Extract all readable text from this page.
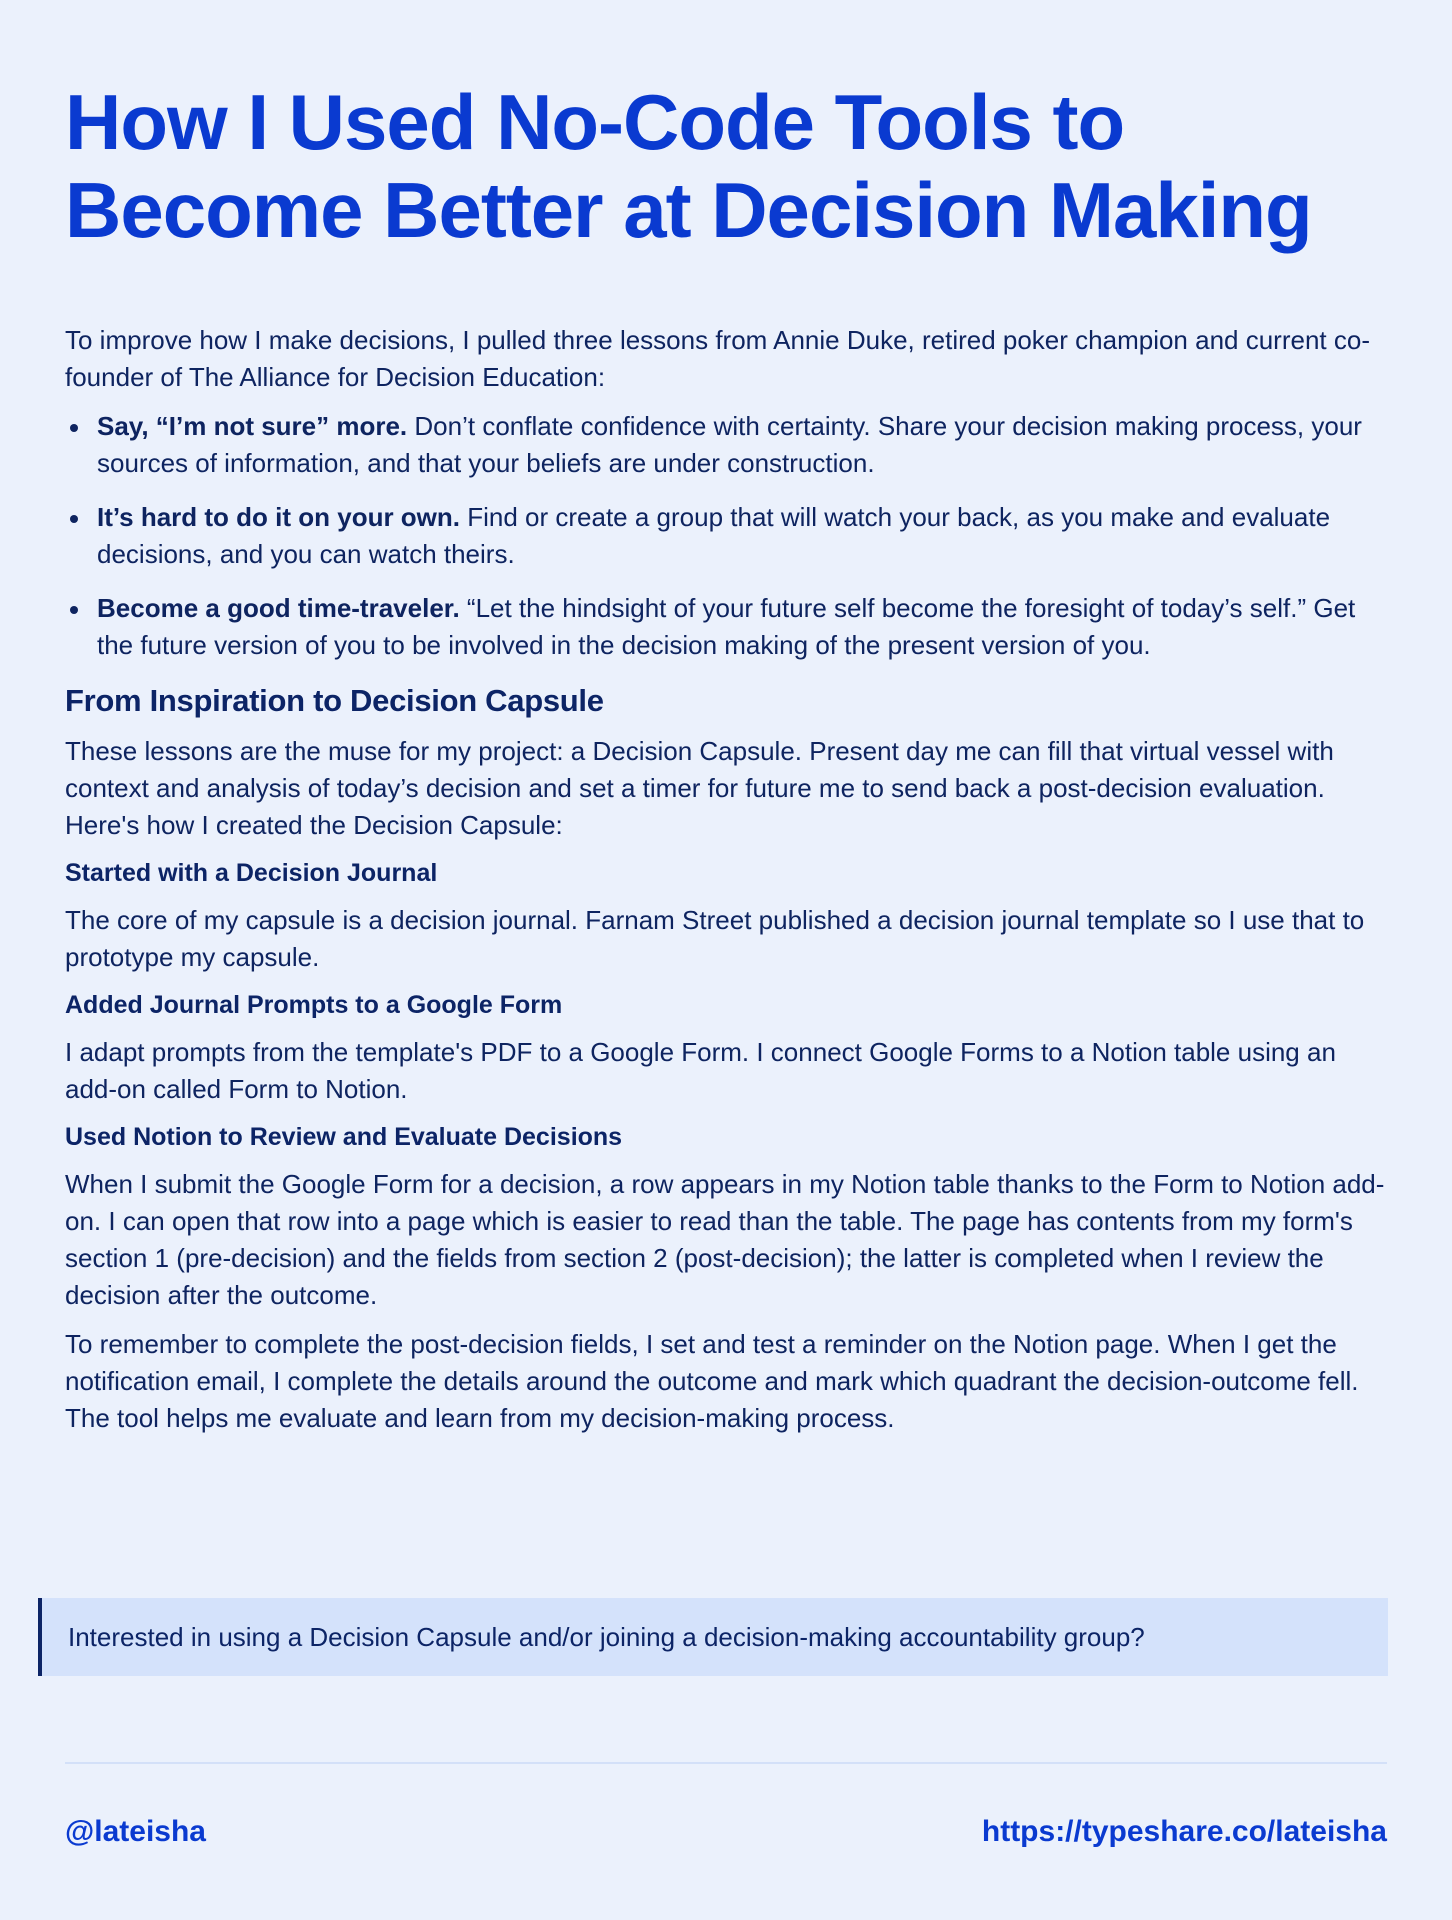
How I Used No-Code Tools to Become Better at Decision Making

To improve how I make decisions, I pulled three lessons from Annie Duke, retired poker champion and current co-founder of The Alliance for Decision Education:

Say, “I’m not sure” more. Don’t conflate confidence with certainty. Share your decision making process, your sources of information, and that your beliefs are under construction.
It’s hard to do it on your own. Find or create a group that will watch your back, as you make and evaluate decisions, and you can watch theirs.
Become a good time-traveler. “Let the hindsight of your future self become the foresight of today’s self.” Get the future version of you to be involved in the decision making of the present version of you.
From Inspiration to Decision Capsule

These lessons are the muse for my project: a Decision Capsule. Present day me can fill that virtual vessel with context and analysis of today’s decision and set a timer for future me to send back a post-decision evaluation. Here's how I created the Decision Capsule:

Started with a Decision Journal

The core of my capsule is a decision journal. Farnam Street published a decision journal template so I use that to prototype my capsule.

Added Journal Prompts to a Google Form

I adapt prompts from the template's PDF to a Google Form. I connect Google Forms to a Notion table using an add-on called Form to Notion.

Used Notion to Review and Evaluate Decisions

When I submit the Google Form for a decision, a row appears in my Notion table thanks to the Form to Notion add-on. I can open that row into a page which is easier to read than the table. The page has contents from my form's section 1 (pre-decision) and the fields from section 2 (post-decision); the latter is completed when I review the decision after the outcome.

To remember to complete the post-decision fields, I set and test a reminder on the Notion page. When I get the notification email, I complete the details around the outcome and mark which quadrant the decision-outcome fell. The tool helps me evaluate and learn from my decision-making process.

Interested in using a Decision Capsule and/or joining a decision-making accountability group?
@lateisha	https://typeshare.co/lateisha
